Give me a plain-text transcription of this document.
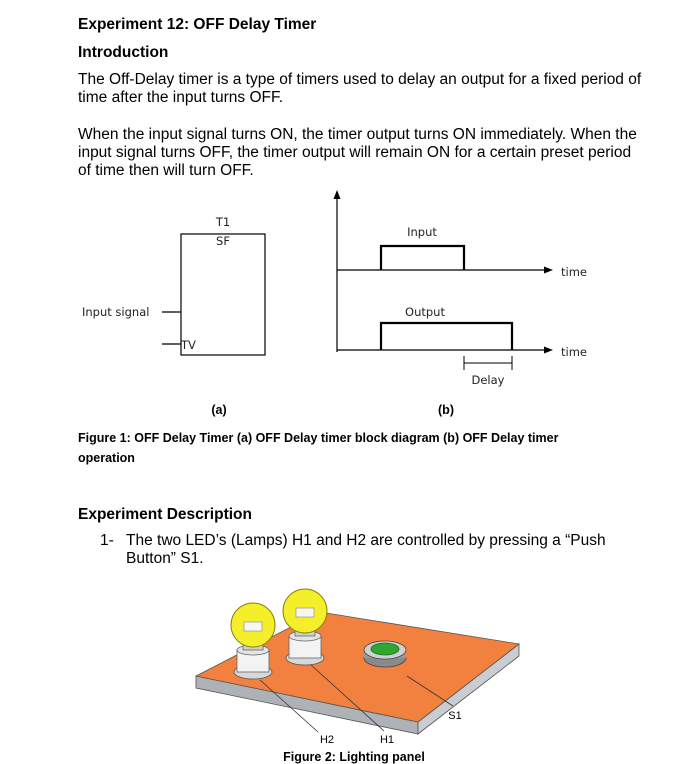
Experiment 12: OFF Delay Timer
Introduction
The Off-Delay timer is a type of timers used to delay an output for a fixed period of time after the input turns OFF.
When the input signal turns ON, the timer output turns ON immediately. When the input signal turns OFF, the timer output will remain ON for a certain preset period of time then will turn OFF.
T1
SF
Input signal
TV
time
Input
time
Output
Delay
(a)	(b)
Figure 1: OFF Delay Timer (a) OFF Delay timer block diagram (b) OFF Delay timer
operation
Experiment Description
1- The two LED’s (Lamps) H1 and H2 are controlled by pressing a “Push Button” S1.
H2	H1
S1
Figure 2: Lighting panel
